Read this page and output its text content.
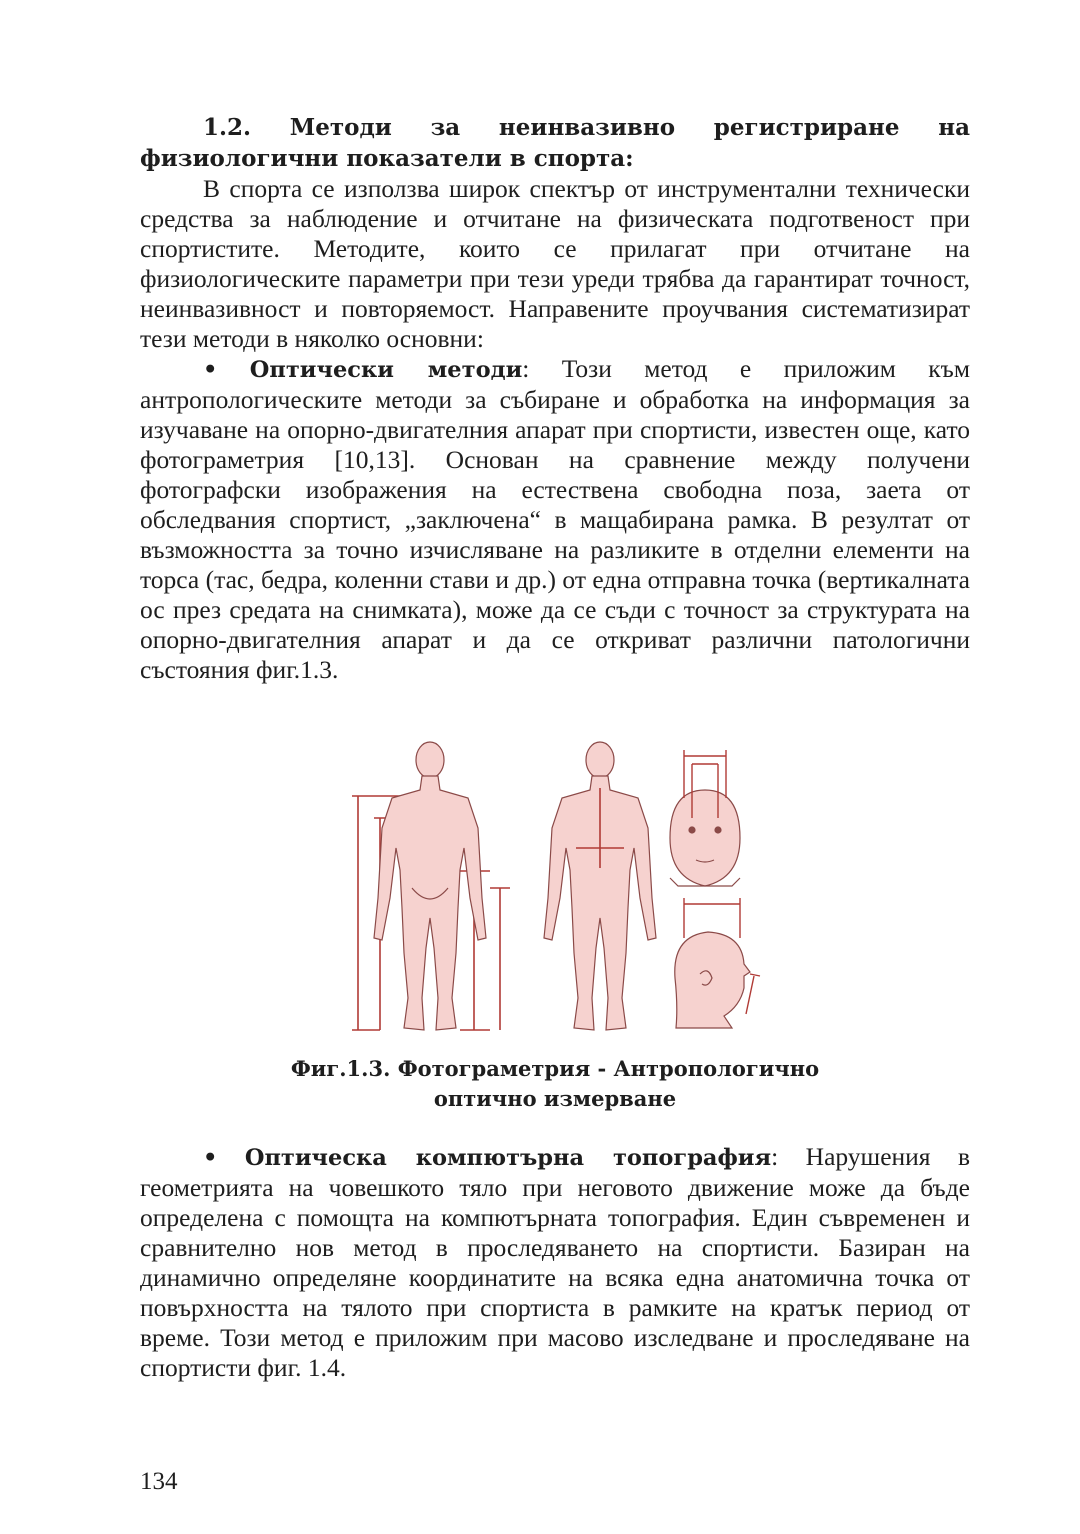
1.2. Методи за неинвазивно регистриране на физиологични показатели в спорта:

В спорта се използва широк спектър от инструментални технически средства за наблюдение и отчитане на физическата подготвеност при спортистите. Методите, които се прилагат при отчитане на физиологическите параметри при тези уреди трябва да гарантират точност, неинвазивност и повторяемост. Направените проучвания систематизират тези методи в няколко основни:

• Оптически методи: Този метод е приложим към антропологическите методи за събиране и обработка на информация за изучаване на опорно-двигателния апарат при спортисти, известен още, като фотограметрия [10,13]. Основан на сравнение между получени фотографски изображения на естествена свободна поза, заета от обследвания спортист, „заключена“ в мащабирана рамка. В резултат от възможността за точно изчисляване на разликите в отделни елементи на торса (тас, бедра, коленни стави и др.) от една отправна точка (вертикалната ос през средата на снимката), може да се съди с точност за структурата на опорно-двигателния апарат и да се откриват различни патологични състояния фиг.1.3.

Фиг.1.3. Фотограметрия - Антропологично
оптично измерване

• Оптическа компютърна топография: Нарушения в геометрията на човешкото тяло при неговото движение може да бъде определена с помощта на компютърната топография. Един съвременен и сравнително нов метод в проследяването на спортисти. Базиран на динамично определяне координатите на всяка една анатомична точка от повърхността на тялото при спортиста в рамките на кратък период от време. Този метод е приложим при масово изследване и проследяване на спортисти фиг. 1.4.

134
